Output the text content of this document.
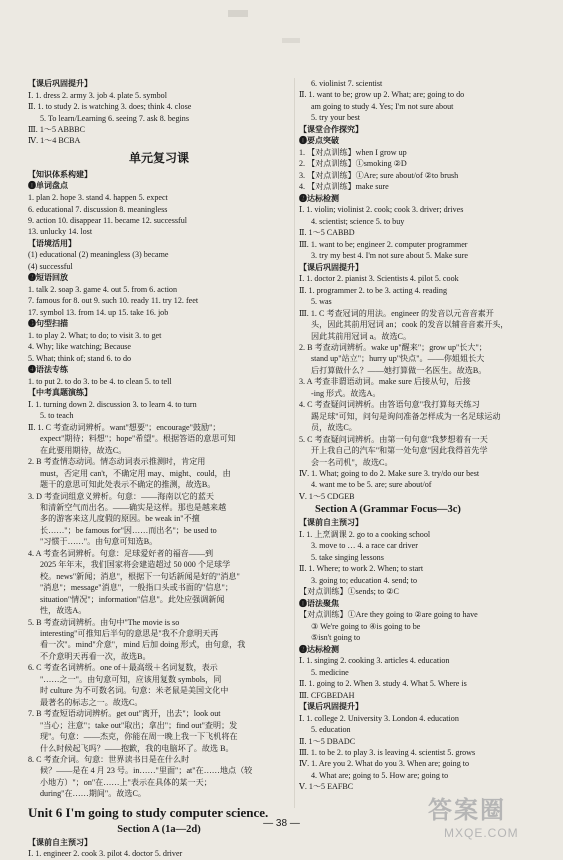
【课后巩固提升】
Ⅰ. 1. dress 2. army 3. job 4. plate 5. symbol
Ⅱ. 1. to study 2. is watching 3. does; think 4. close
5. To learn/Learning 6. seeing 7. ask 8. begins
Ⅲ. 1～5 ABBBC
Ⅳ. 1～4 BCBA
单元复习课
【知识体系构建】
❶单词盘点
1. plan 2. hope 3. stand 4. happen 5. expect
6. educational 7. discussion 8. meaningless
9. action 10. disappear 11. became 12. successful
13. unlucky 14. lost
【语境活用】
(1) educational (2) meaningless (3) became
(4) successful
❷短语回放
1. talk 2. soap 3. game 4. out 5. from 6. action
7. famous for 8. out 9. such 10. ready 11. try 12. feet
17. symbol 13. from 14. up 15. take 16. job
❸句型扫描
1. to play 2. What; to do; to visit 3. to get
4. Why; like watching; Because
5. What; think of; stand 6. to do
❹语法专练
1. to put 2. to do 3. to be 4. to clean 5. to tell
【中考真题演练】
Ⅰ. 1. turning down 2. discussion 3. to learn 4. to turn
5. to teach
Ⅱ. 1. C 考查动词辨析。want"想要"；encourage"鼓励"；
expect"期待；料想"；hope"希望"。根据答语的意思可知
在此要用期待，故选C。
2. B 考查情态动词。情态动词表示推测时，肯定用
must，否定用 can't，不确定用 may、might、could，由
题干的意思可知此处表示不确定的推测，故选B。
3. D 考查词组意义辨析。句意：——海南以它的蓝天
和清新空气而出名。——确实是这样。那也是越来越
多的游客来这儿度假的原因。be weak in"不擅
长……"；be famous for"因……而出名"；be used to
"习惯于……"。由句意可知选B。
4. A 考查名词辨析。句意：足球爱好者的福音——到
2025 年年末，我们国家将会建造超过 50 000 个足球学
校。news"新闻；消息"，根据下一句话新闻是好的"消息"
"消息"；message"消息"，一般指口头或书面的"信息"；
situation"情况"；information"信息"。此处应强调新闻
性，故选A。
5. B 考查动词辨析。由句中"The movie is so
interesting"可推知后半句的意思是"我不介意明天再
看一次"。mind"介意"，mind 后加 doing 形式，由句意，我
不介意明天再看一次，故选B。
6. C 考查名词辨析。one of＋最高级＋名词复数，表示
"……之一"。由句意可知，应该用复数 symbols，同
时 culture 为不可数名词。句意：米老鼠是美国文化中
最著名的标志之一。故选C。
7. B 考查短语动词辨析。get out"离开，出去"；look out
"当心；注意"；take out"取出；拿出"；find out"查明；发
现"。句意：——杰克，你能在周一晚上我一下飞机将在
什么时候起飞吗？——抱歉，我的电脑坏了。故选 B。
8. C 考查介词。句意：世界读书日是在什么时
候？——是在 4 月 23 号。in……"里面"；at"在……地点（较
小地方）"；on"在……上"表示在具体的某一天；
during"在……期间"。故选C。
Unit 6 I'm going to study computer science.
Section A (1a—2d)
【课前自主预习】
Ⅰ. 1. engineer 2. cook 3. pilot 4. doctor 5. driver
6. violinist 7. scientist
Ⅱ. 1. want to be; grow up 2. What; are; going to do
am going to study 4. Yes; I'm not sure about
5. try your best
【课堂合作探究】
❶要点突破
1. 【对点训练】when I grow up
2. 【对点训练】①smoking ②D
3. 【对点训练】①Are; sure about/of ②to brush
4. 【对点训练】make sure
❷达标检测
Ⅰ. 1. violin; violinist 2. cook; cook 3. driver; drives
4. scientist; science 5. to buy
Ⅱ. 1～5 CABBD
Ⅲ. 1. want to be; engineer 2. computer programmer
3. try my best 4. I'm not sure about 5. Make sure
【课后巩固提升】
Ⅰ. 1. doctor 2. pianist 3. Scientists 4. pilot 5. cook
Ⅱ. 1. programmer 2. to be 3. acting 4. reading
5. was
Ⅲ. 1. C 考查冠词的用法。engineer 的发音以元音音素开
头，因此其前用冠词 an；cook 的发音以辅音音素开头，
因此其前用冠词 a。故选C。
2. B 考查动词辨析。wake up"醒来"；grow up"长大"；
stand up"站立"；hurry up"快点"。——你姐姐长大
后打算做什么？——她打算做一名医生。故选B。
3. A 考查非谓语动词。make sure 后接从句，后接
-ing 形式。故选A。
4. C 考查疑问词辨析。由答语句意"我打算每天练习
踢足球"可知，问句是询问准备怎样成为一名足球运动
员，故选C。
5. C 考查疑问词辨析。由第一句句意"我梦想着有一天
开上我自己的汽车"和第一处句意"因此我得首先学
会一名司机"，故选C。
Ⅳ. 1. What; going to do 2. Make sure 3. try/do our best
4. want me to be 5. are; sure about/of
Ⅴ. 1～5 CDGEB
Section A (Grammar Focus—3c)
【课前自主预习】
Ⅰ. 1. 上烹调课 2. go to a cooking school
3. move to … 4. a race car driver
5. take singing lessons
Ⅱ. 1. Where; to work 2. When; to start
3. going to; education 4. send; to
【对点训练】①sends; to ②C
❶语法聚焦
【对点训练】①Are they going to ②are going to have
③ We're going to ④is going to be
⑤isn't going to
❷达标检测
Ⅰ. 1. singing 2. cooking 3. articles 4. education
5. medicine
Ⅱ. 1. going to 2. When 3. study 4. What 5. Where is
Ⅲ. CFGBEDAH
【课后巩固提升】
Ⅰ. 1. college 2. University 3. London 4. education
5. education
Ⅱ. 1～5 DBADC
Ⅲ. 1. to be 2. to play 3. is leaving 4. scientist 5. grows
Ⅳ. 1. Are you 2. What do you 3. When are; going to
4. What are; going to 5. How are; going to
Ⅴ. 1～5 EAFBC
— 38 —	答案圈
MXQE.COM
